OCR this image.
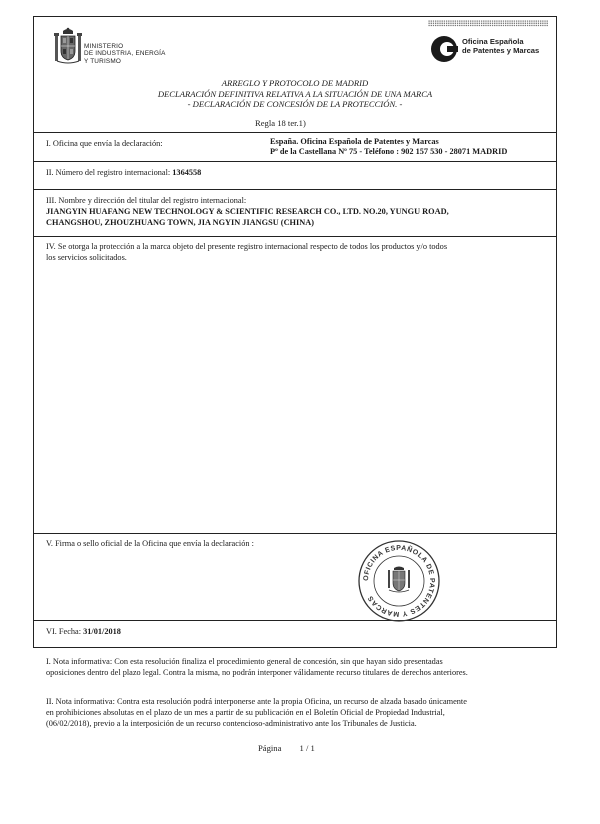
MINISTERIO
DE INDUSTRIA, ENERGÍA
Y TURISMO
Oficina Española
de Patentes y Marcas
ARREGLO Y PROTOCOLO DE MADRID
DECLARACIÓN DEFINITIVA RELATIVA A LA SITUACIÓN DE UNA MARCA
- DECLARACIÓN DE CONCESIÓN DE LA PROTECCIÓN. -
Regla 18 ter.1)
I. Oficina que envía la declaración:	España. Oficina Española de Patentes y Marcas
Pº de la Castellana Nº 75 - Teléfono : 902 157 530 - 28071 MADRID
II. Número del registro internacional: 1364558
III. Nombre y dirección del titular del registro internacional:
JIANGYIN HUAFANG NEW TECHNOLOGY & SCIENTIFIC RESEARCH CO., LTD. NO.20, YUNGU ROAD,
CHANGSHOU, ZHOUZHUANG TOWN, JIA NGYIN JIANGSU (CHINA)
IV. Se otorga la protección a la marca objeto del presente registro internacional respecto de todos los productos y/o todos
los servicios solicitados.
V. Firma o sello oficial de la Oficina que envía la declaración :
OFICINA ESPAÑOLA DE PATENTES Y MARCAS
VI. Fecha: 31/01/2018
I. Nota informativa: Con esta resolución finaliza el procedimiento general de concesión, sin que hayan sido presentadas
oposiciones dentro del plazo legal. Contra la misma, no podrán interponer válidamente recurso titulares de derechos anteriores.
II. Nota informativa: Contra esta resolución podrá interponerse ante la propia Oficina, un recurso de alzada basado únicamente
en prohibiciones absolutas en el plazo de un mes a partir de su publicación en el Boletín Oficial de Propiedad Industrial,
(06/02/2018), previo a la interposición de un recurso contencioso-administrativo ante los Tribunales de Justicia.
Página 1 / 1
